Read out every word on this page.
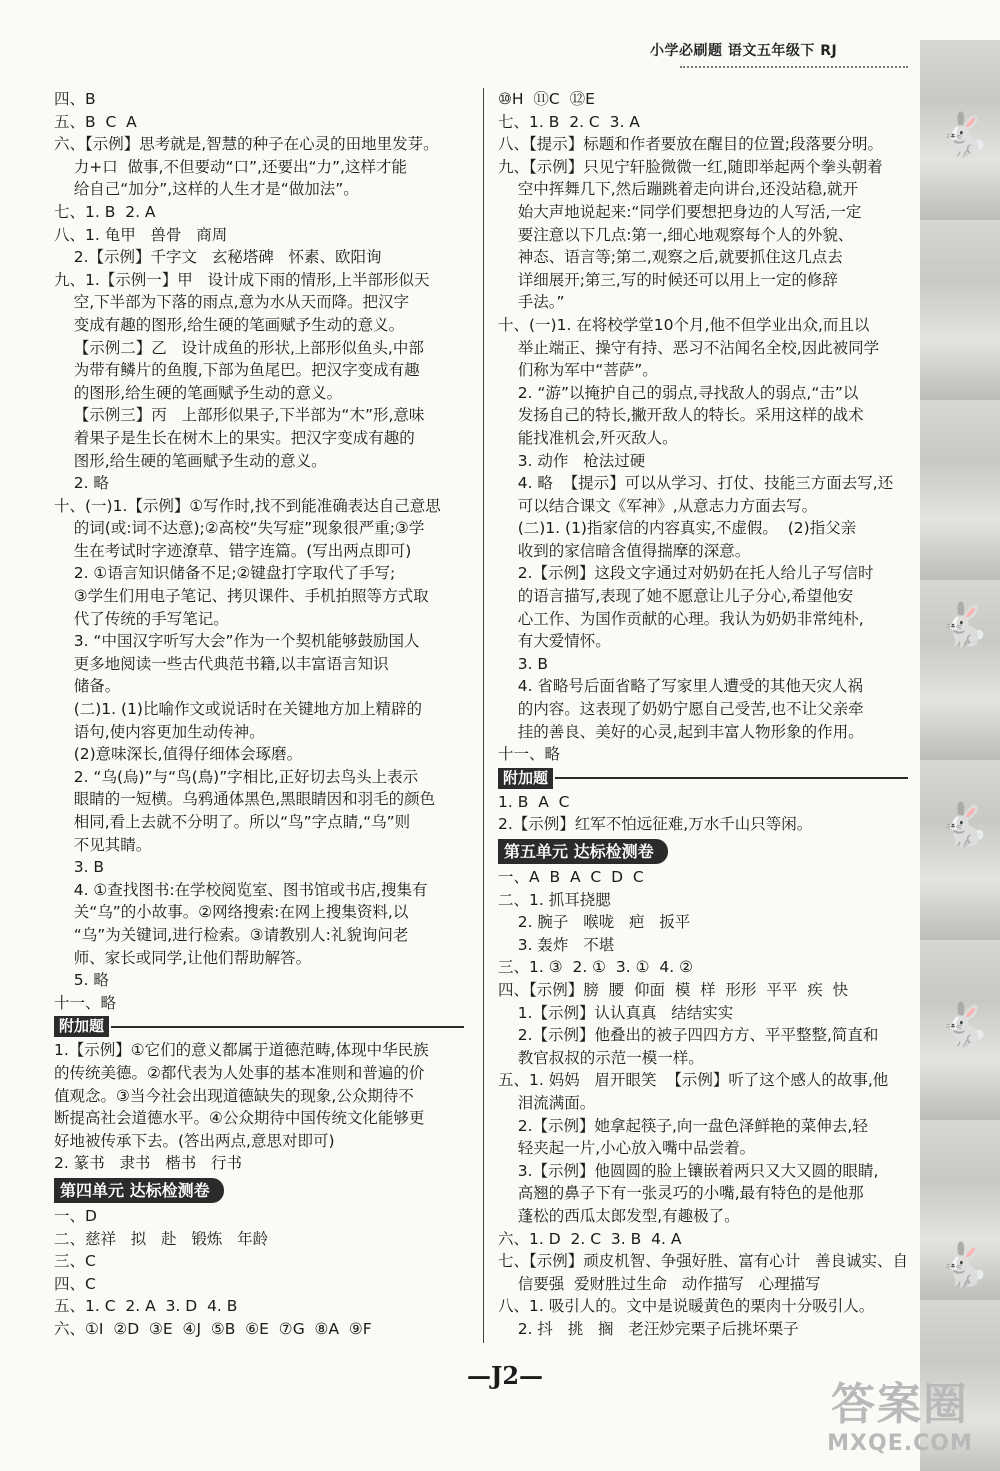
小学必刷题 语文五年级下 RJ
🐇
🐇
🐇
🐇
🐇
四、B
五、B  C  A
六、【示例】思考就是,智慧的种子在心灵的田地里发芽。
力+口  做事,不但要动“口”,还要出“力”,这样才能
给自己“加分”,这样的人生才是“做加法”。
七、1. B  2. A
八、1. 龟甲   兽骨   商周
2.【示例】千字文   玄秘塔碑   怀素、欧阳询
九、1.【示例一】甲   设计成下雨的情形,上半部形似天
空,下半部为下落的雨点,意为水从天而降。把汉字
变成有趣的图形,给生硬的笔画赋予生动的意义。
【示例二】乙   设计成鱼的形状,上部形似鱼头,中部
为带有鳞片的鱼腹,下部为鱼尾巴。把汉字变成有趣
的图形,给生硬的笔画赋予生动的意义。
【示例三】丙   上部形似果子,下半部为“木”形,意味
着果子是生长在树木上的果实。把汉字变成有趣的
图形,给生硬的笔画赋予生动的意义。
2. 略
十、(一)1.【示例】①写作时,找不到能准确表达自己意思
的词(或:词不达意);②高校“失写症”现象很严重;③学
生在考试时字迹潦草、错字连篇。(写出两点即可)
2. ①语言知识储备不足;②键盘打字取代了手写;
③学生们用电子笔记、拷贝课件、手机拍照等方式取
代了传统的手写笔记。
3. “中国汉字听写大会”作为一个契机能够鼓励国人
更多地阅读一些古代典范书籍,以丰富语言知识
储备。
(二)1. (1)比喻作文或说话时在关键地方加上精辟的
语句,使内容更加生动传神。
(2)意味深长,值得仔细体会琢磨。
2. “乌(烏)”与“鸟(鳥)”字相比,正好切去鸟头上表示
眼睛的一短横。乌鸦通体黑色,黑眼睛因和羽毛的颜色
相同,看上去就不分明了。所以“鸟”字点睛,“乌”则
不见其睛。
3. B
4. ①查找图书:在学校阅览室、图书馆或书店,搜集有
关“乌”的小故事。②网络搜索:在网上搜集资料,以
“乌”为关键词,进行检索。③请教别人:礼貌询问老
师、家长或同学,让他们帮助解答。
5. 略
十一、略
附加题
1.【示例】①它们的意义都属于道德范畴,体现中华民族
的传统美德。②都代表为人处事的基本准则和普遍的价
值观念。③当今社会出现道德缺失的现象,公众期待不
断提高社会道德水平。④公众期待中国传统文化能够更
好地被传承下去。(答出两点,意思对即可)
2. 篆书   隶书   楷书   行书
第四单元 达标检测卷
一、D
二、慈祥   拟   赴   锻炼   年龄
三、C
四、C
五、1. C  2. A  3. D  4. B
六、①I  ②D  ③E  ④J  ⑤B  ⑥E  ⑦G  ⑧A  ⑨F
⑩H  ⑪C  ⑫E
七、1. B  2. C  3. A
八、【提示】标题和作者要放在醒目的位置;段落要分明。
九、【示例】只见宁轩脸微微一红,随即举起两个拳头朝着
空中挥舞几下,然后蹦跳着走向讲台,还没站稳,就开
始大声地说起来:“同学们要想把身边的人写活,一定
要注意以下几点:第一,细心地观察每个人的外貌、
神态、语言等;第二,观察之后,就要抓住这几点去
详细展开;第三,写的时候还可以用上一定的修辞
手法。”
十、(一)1. 在将校学堂10个月,他不但学业出众,而且以
举止端正、操守有持、恶习不沾闻名全校,因此被同学
们称为军中“菩萨”。
2. “游”以掩护自己的弱点,寻找敌人的弱点,“击”以
发扬自己的特长,撇开敌人的特长。采用这样的战术
能找准机会,歼灭敌人。
3. 动作   枪法过硬
4. 略  【提示】可以从学习、打仗、技能三方面去写,还
可以结合课文《军神》,从意志力方面去写。
(二)1. (1)指家信的内容真实,不虚假。  (2)指父亲
收到的家信暗含值得揣摩的深意。
2.【示例】这段文字通过对奶奶在托人给儿子写信时
的语言描写,表现了她不愿意让儿子分心,希望他安
心工作、为国作贡献的心理。我认为奶奶非常纯朴,
有大爱情怀。
3. B
4. 省略号后面省略了写家里人遭受的其他天灾人祸
的内容。这表现了奶奶宁愿自己受苦,也不让父亲牵
挂的善良、美好的心灵,起到丰富人物形象的作用。
十一、略
附加题
1. B  A  C
2.【示例】红军不怕远征难,万水千山只等闲。
第五单元 达标检测卷
一、A  B  A  C  D  C
二、1. 抓耳挠腮
2. 腕子   喉咙   疤   扳平
3. 轰炸   不堪
三、1. ③  2. ①  3. ①  4. ②
四、【示例】膀  腰  仰面  模  样  形形  平平  疾  快
1.【示例】认认真真   结结实实
2.【示例】他叠出的被子四四方方、平平整整,简直和
教官叔叔的示范一模一样。
五、1. 妈妈   眉开眼笑  【示例】听了这个感人的故事,他
泪流满面。
2.【示例】她拿起筷子,向一盘色泽鲜艳的菜伸去,轻
轻夹起一片,小心放入嘴中品尝着。
3.【示例】他圆圆的脸上镶嵌着两只又大又圆的眼睛,
高翘的鼻子下有一张灵巧的小嘴,最有特色的是他那
蓬松的西瓜太郎发型,有趣极了。
六、1. D  2. C  3. B  4. A
七、【示例】顽皮机智、争强好胜、富有心计   善良诚实、自
信要强  爱财胜过生命   动作描写   心理描写
八、1. 吸引人的。文中是说暖黄色的栗肉十分吸引人。
2. 抖   挑   搁   老汪炒完栗子后挑坏栗子
—J2—
答案圈
MXQE.COM
